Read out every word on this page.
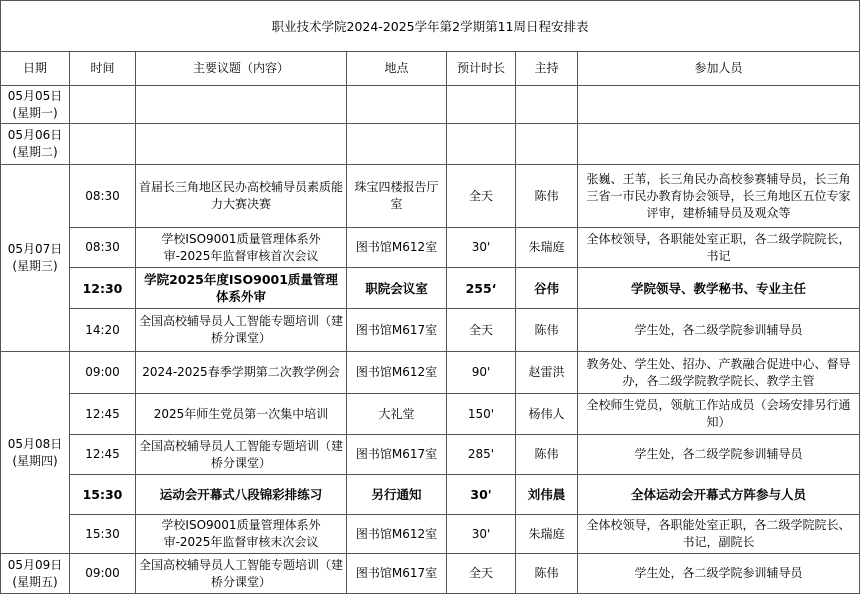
职业技术学院2024-2025学年第2学期第11周日程安排表
日期	时间	主要议题（内容）	地点	预计时长	主持	参加人员
05月05日
(星期一)						
05月06日
(星期二)						
05月07日
(星期三)	08:30	首届长三角地区民办高校辅导员素质能力大赛决赛	珠宝四楼报告厅室	全天	陈伟	张巍、王苇，长三角民办高校参赛辅导员，长三角三省一市民办教育协会领导，长三角地区五位专家评审，建桥辅导员及观众等
	08:30	学校ISO9001质量管理体系外审-2025年监督审核首次会议	图书馆M612室	30'	朱瑞庭	全体校领导，各职能处室正职，各二级学院院长，书记
	12:30	学院2025年度ISO9001质量管理体系外审	职院会议室	255‘	谷伟	学院领导、教学秘书、专业主任
	14:20	全国高校辅导员人工智能专题培训（建桥分课堂）	图书馆M617室	全天	陈伟	学生处，各二级学院参训辅导员
05月08日
(星期四)	09:00	2024-2025春季学期第二次教学例会	图书馆M612室	90'	赵雷洪	教务处、学生处、招办、产教融合促进中心、督导办，各二级学院教学院长、教学主管
	12:45	2025年师生党员第一次集中培训	大礼堂	150'	杨伟人	全校师生党员，领航工作站成员（会场安排另行通知）
	12:45	全国高校辅导员人工智能专题培训（建桥分课堂）	图书馆M617室	285'	陈伟	学生处，各二级学院参训辅导员
	15:30	运动会开幕式八段锦彩排练习	另行通知	30'	刘伟晨	全体运动会开幕式方阵参与人员
	15:30	学校ISO9001质量管理体系外审-2025年监督审核末次会议	图书馆M612室	30'	朱瑞庭	全体校领导，各职能处室正职，各二级学院院长、书记，副院长
05月09日
(星期五)	09:00	全国高校辅导员人工智能专题培训（建桥分课堂）	图书馆M617室	全天	陈伟	学生处，各二级学院参训辅导员
